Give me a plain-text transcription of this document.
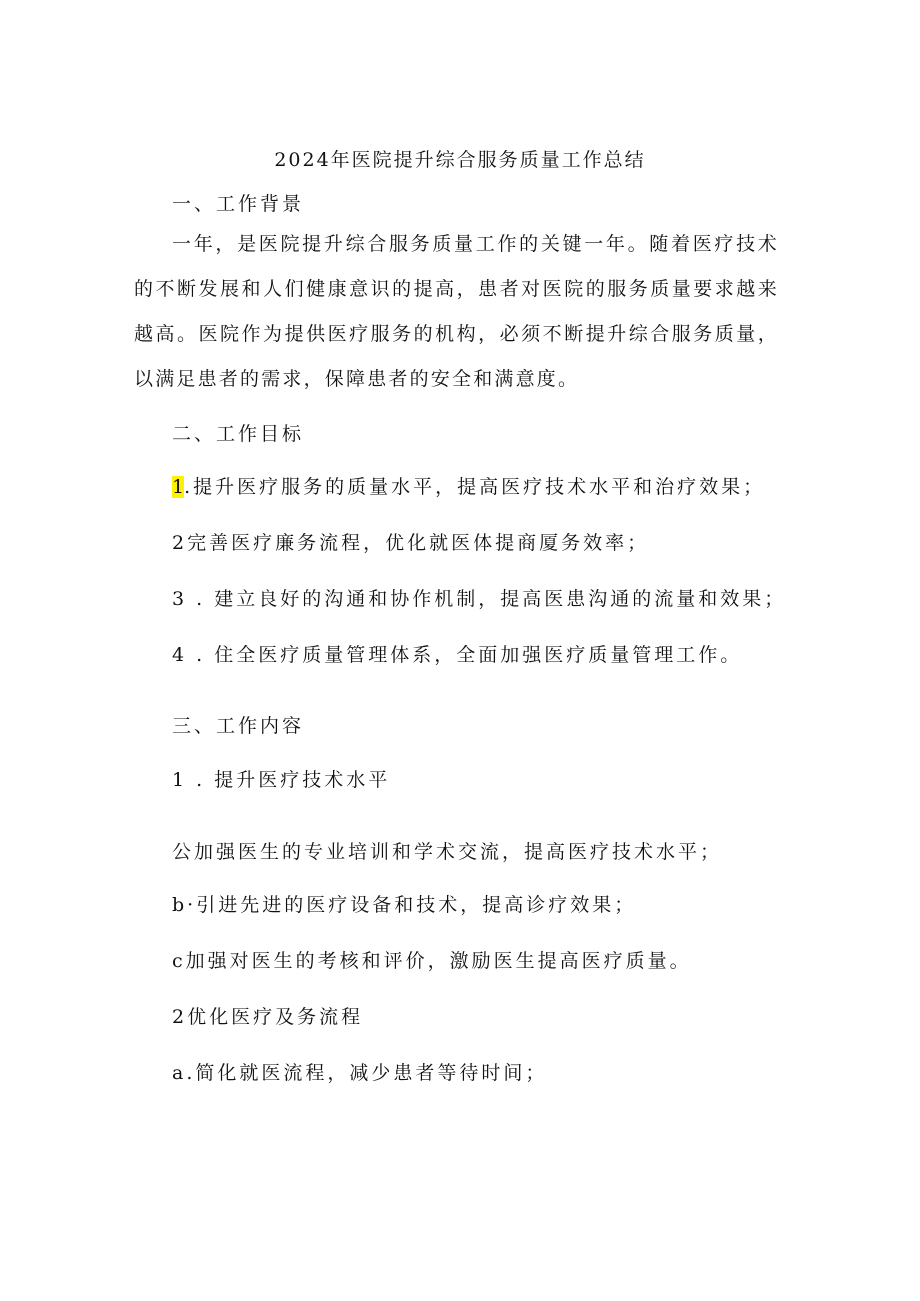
2024年医院提升综合服务质量工作总结
一、工作背景
一年，是医院提升综合服务质量工作的关键一年。随着医疗技术的不断发展和人们健康意识的提高，患者对医院的服务质量要求越来越高。医院作为提供医疗服务的机构，必须不断提升综合服务质量，以满足患者的需求，保障患者的安全和满意度。
二、工作目标
1.提升医疗服务的质量水平，提高医疗技术水平和治疗效果；
2完善医疗廉务流程，优化就医体提商厦务效率；
3 . 建立良好的沟通和协作机制，提高医患沟通的流量和效果；
4 . 住全医疗质量管理体系，全面加强医疗质量管理工作。
三、工作内容
1 . 提升医疗技术水平
公加强医生的专业培训和学术交流，提高医疗技术水平；
b·引进先进的医疗设备和技术，提高诊疗效果；
c加强对医生的考核和评价，激励医生提高医疗质量。
2优化医疗及务流程
a.简化就医流程，减少患者等待时间；
